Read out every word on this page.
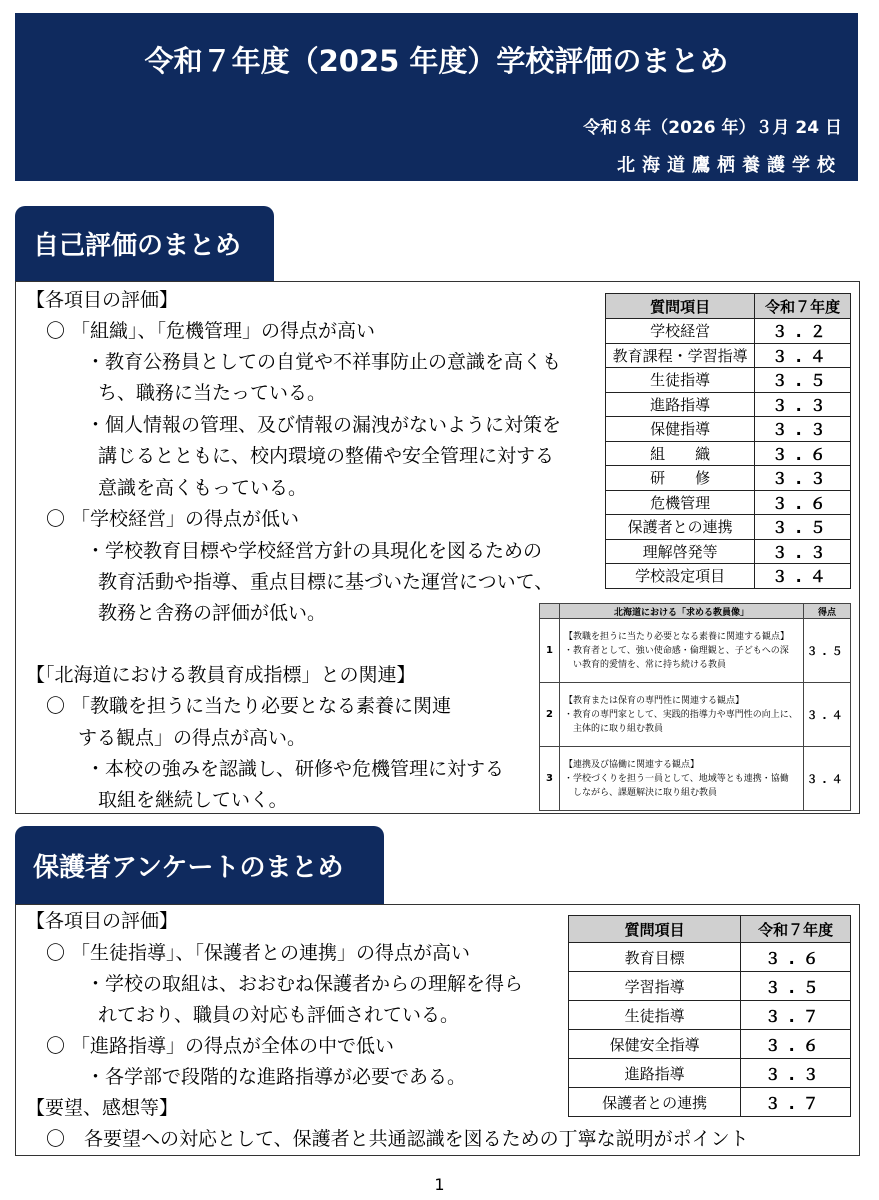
令和７年度（2025 年度）学校評価のまとめ
令和８年（2026 年）３月 24 日
北海道鷹栖養護学校
自己評価のまとめ
【各項目の評価】
〇 「組織」、「危機管理」の得点が高い
・教育公務員としての自覚や不祥事防止の意識を高くも
ち、職務に当たっている。
・個人情報の管理、及び情報の漏洩がないように対策を
講じるとともに、校内環境の整備や安全管理に対する
意識を高くもっている。
〇 「学校経営」の得点が低い
・学校教育目標や学校経営方針の具現化を図るための
教育活動や指導、重点目標に基づいた運営について、
教務と舎務の評価が低い。
【「北海道における教員育成指標」との関連】
〇 「教職を担うに当たり必要となる素養に関連
する観点」の得点が高い。
・本校の強みを認識し、研修や危機管理に対する
取組を継続していく。
質問項目	令和７年度
学校経営	３.２
教育課程・学習指導	３.４
生徒指導	３.５
進路指導	３.３
保健指導	３.３
組　　織	３.６
研　　修	３.３
危機管理	３.６
保護者との連携	３.５
理解啓発等	３.３
学校設定項目	３.４
	北海道における「求める教員像」	得点
1	【教職を担うに当たり必要となる素養に関連する観点】
・教育者として、強い使命感・倫理観と、子どもへの深
　い教育的愛情を、常に持ち続ける教員	３.５
2	【教育または保育の専門性に関連する観点】
・教育の専門家として、実践的指導力や専門性の向上に、
　主体的に取り組む教員	３.４
3	【連携及び協働に関連する観点】
・学校づくりを担う一員として、地域等とも連携・協働
　しながら、課題解決に取り組む教員	３.４
保護者アンケートのまとめ
【各項目の評価】
〇 「生徒指導」、「保護者との連携」の得点が高い
・学校の取組は、おおむね保護者からの理解を得ら
れており、職員の対応も評価されている。
〇 「進路指導」の得点が全体の中で低い
・各学部で段階的な進路指導が必要である。
【要望、感想等】
〇　各要望への対応として、保護者と共通認識を図るための丁寧な説明がポイント
質問項目	令和７年度
教育目標	３.６
学習指導	３.５
生徒指導	３.７
保健安全指導	３.６
進路指導	３.３
保護者との連携	３.７
1
